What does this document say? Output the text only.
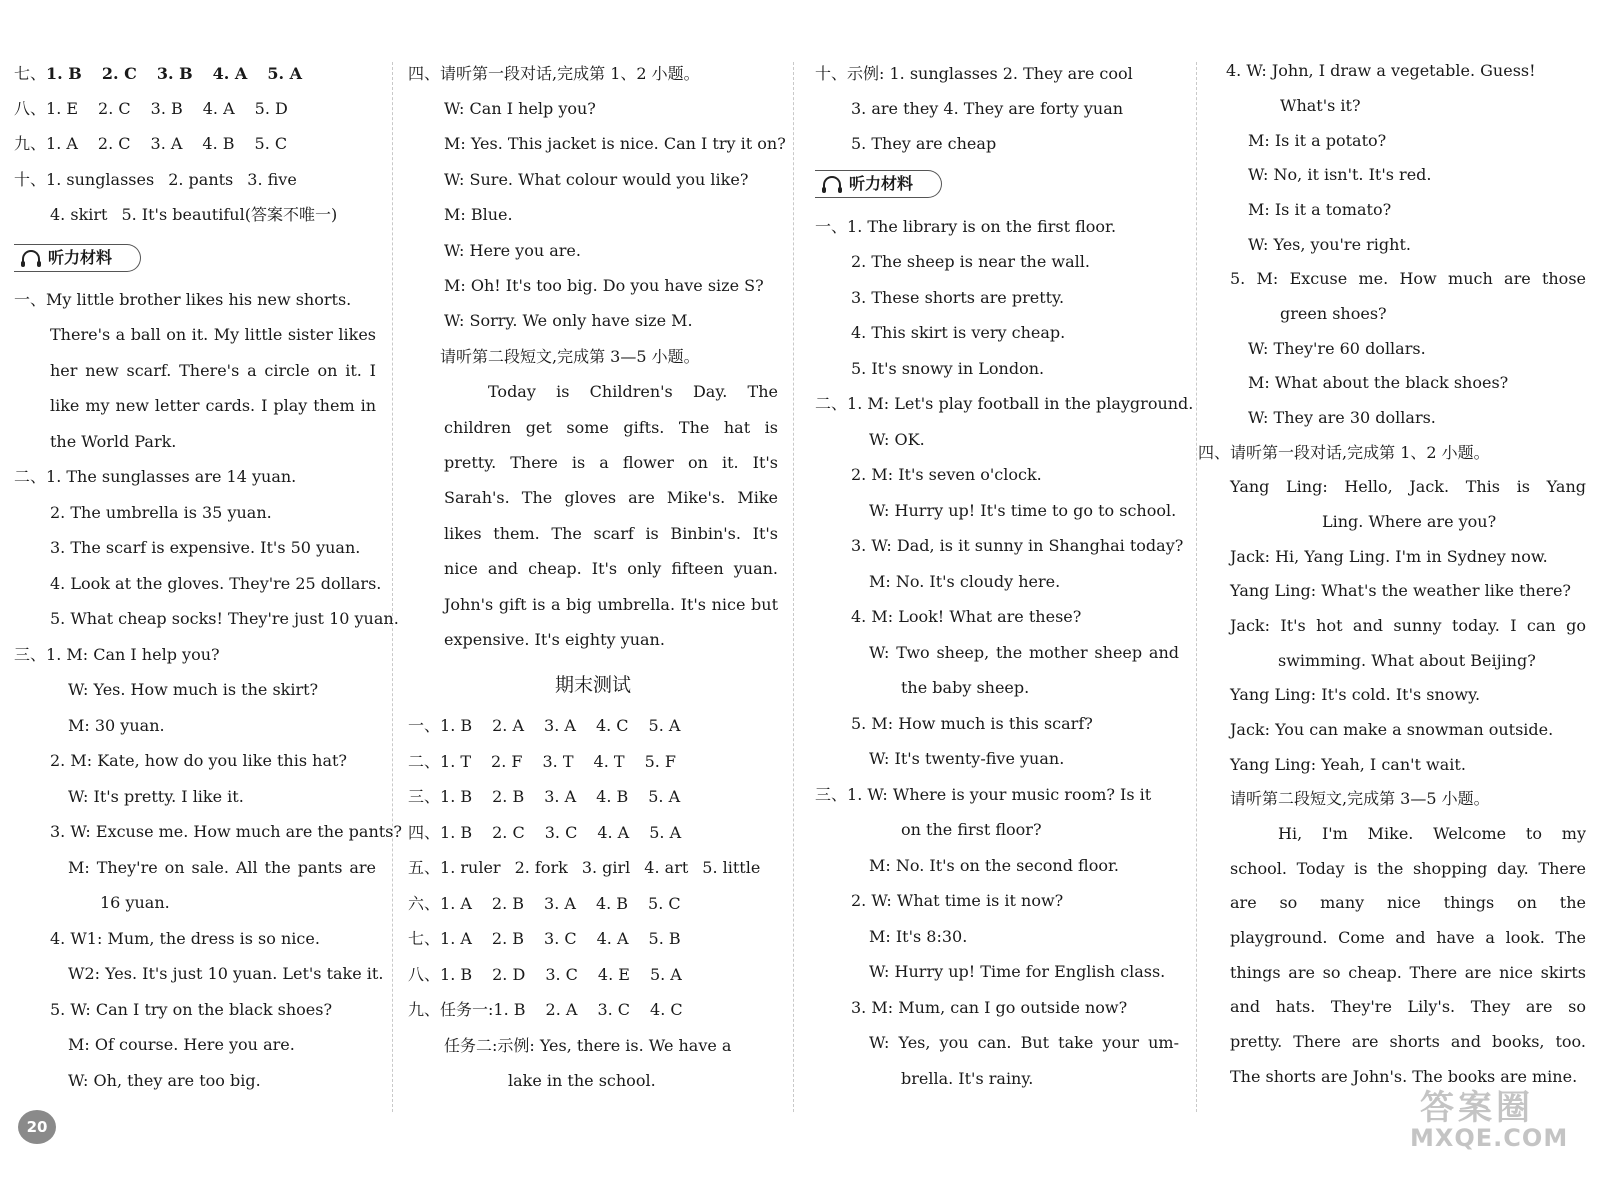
七、1. B 2. C 3. B 4. A 5. A
八、1. E 2. C 3. B 4. A 5. D
九、1. A 2. C 3. A 4. B 5. C
十、1. sunglasses 2. pants 3. five
4. skirt 5. It's beautiful(答案不唯一)
听力材料
一、My little brother likes his new shorts.
There's a ball on it. My little sister likes
her new scarf. There's a circle on it. I
like my new letter cards. I play them in
the World Park.
二、1. The sunglasses are 14 yuan.
2. The umbrella is 35 yuan.
3. The scarf is expensive. It's 50 yuan.
4. Look at the gloves. They're 25 dollars.
5. What cheap socks! They're just 10 yuan.
三、1. M: Can I help you?
W: Yes. How much is the skirt?
M: 30 yuan.
2. M: Kate, how do you like this hat?
W: It's pretty. I like it.
3. W: Excuse me. How much are the pants?
M: They're on sale. All the pants are
16 yuan.
4. W1: Mum, the dress is so nice.
W2: Yes. It's just 10 yuan. Let's take it.
5. W: Can I try on the black shoes?
M: Of course. Here you are.
W: Oh, they are too big.
四、请听第一段对话,完成第 1、2 小题。
W: Can I help you?
M: Yes. This jacket is nice. Can I try it on?
W: Sure. What colour would you like?
M: Blue.
W: Here you are.
M: Oh! It's too big. Do you have size S?
W: Sorry. We only have size M.
请听第二段短文,完成第 3—5 小题。
Today is Children's Day. The
children get some gifts. The hat is
pretty. There is a flower on it. It's
Sarah's. The gloves are Mike's. Mike
likes them. The scarf is Binbin's. It's
nice and cheap. It's only fifteen yuan.
John's gift is a big umbrella. It's nice but
expensive. It's eighty yuan.
期末测试
一、1. B 2. A 3. A 4. C 5. A
二、1. T 2. F 3. T 4. T 5. F
三、1. B 2. B 3. A 4. B 5. A
四、1. B 2. C 3. C 4. A 5. A
五、1. ruler 2. fork 3. girl 4. art 5. little
六、1. A 2. B 3. A 4. B 5. C
七、1. A 2. B 3. C 4. A 5. B
八、1. B 2. D 3. C 4. E 5. A
九、任务一:1. B 2. A 3. C 4. C
任务二:示例: Yes, there is. We have a
lake in the school.
十、示例: 1. sunglasses 2. They are cool
3. are they 4. They are forty yuan
5. They are cheap
听力材料
一、1. The library is on the first floor.
2. The sheep is near the wall.
3. These shorts are pretty.
4. This skirt is very cheap.
5. It's snowy in London.
二、1. M: Let's play football in the playground.
W: OK.
2. M: It's seven o'clock.
W: Hurry up! It's time to go to school.
3. W: Dad, is it sunny in Shanghai today?
M: No. It's cloudy here.
4. M: Look! What are these?
W: Two sheep, the mother sheep and
the baby sheep.
5. M: How much is this scarf?
W: It's twenty-five yuan.
三、1. W: Where is your music room? Is it
on the first floor?
M: No. It's on the second floor.
2. W: What time is it now?
M: It's 8:30.
W: Hurry up! Time for English class.
3. M: Mum, can I go outside now?
W: Yes, you can. But take your um-
brella. It's rainy.
4. W: John, I draw a vegetable. Guess!
What's it?
M: Is it a potato?
W: No, it isn't. It's red.
M: Is it a tomato?
W: Yes, you're right.
5. M: Excuse me. How much are those
green shoes?
W: They're 60 dollars.
M: What about the black shoes?
W: They are 30 dollars.
四、请听第一段对话,完成第 1、2 小题。
Yang Ling: Hello, Jack. This is Yang
Ling. Where are you?
Jack: Hi, Yang Ling. I'm in Sydney now.
Yang Ling: What's the weather like there?
Jack: It's hot and sunny today. I can go
swimming. What about Beijing?
Yang Ling: It's cold. It's snowy.
Jack: You can make a snowman outside.
Yang Ling: Yeah, I can't wait.
请听第二段短文,完成第 3—5 小题。
Hi, I'm Mike. Welcome to my
school. Today is the shopping day. There
are so many nice things on the
playground. Come and have a look. The
things are so cheap. There are nice skirts
and hats. They're Lily's. They are so
pretty. There are shorts and books, too.
The shorts are John's. The books are mine.
20	答案圈
MXQE.COM
